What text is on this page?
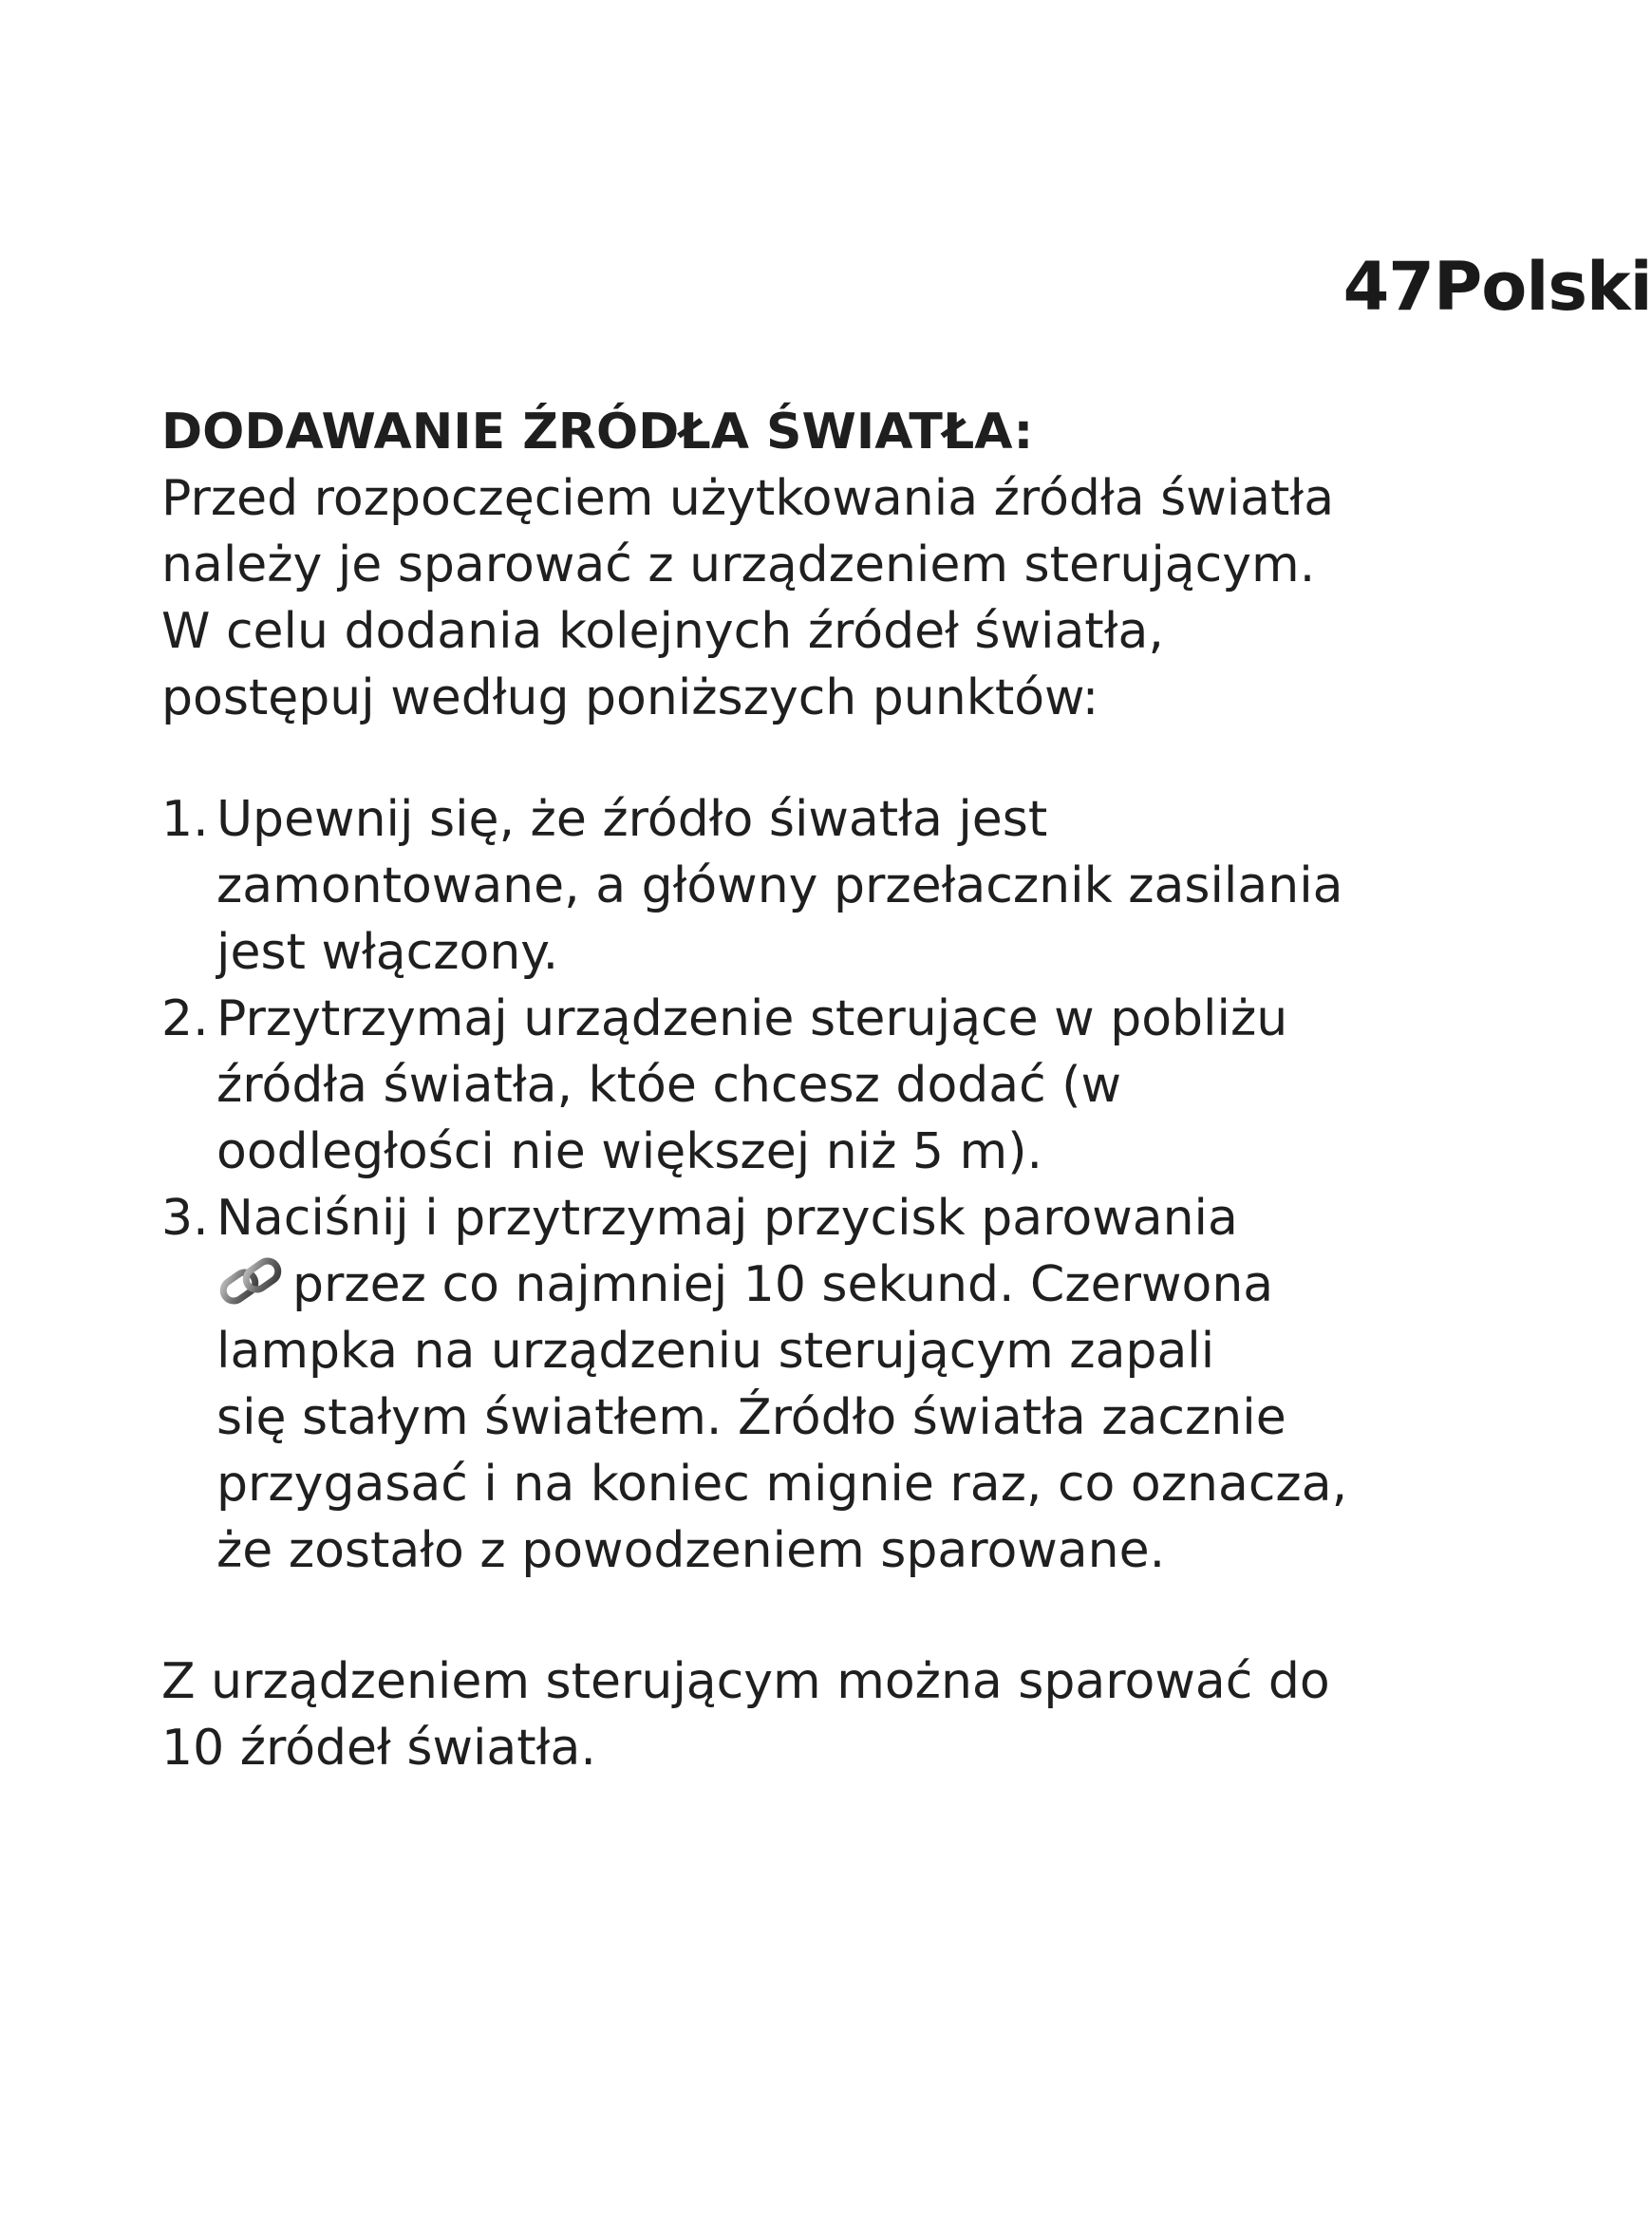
47Polski
DODAWANIE ŹRÓDŁA ŚWIATŁA:
Przed rozpoczęciem użytkowania źródła światła
należy je sparować z urządzeniem sterującym.
W celu dodania kolejnych źródeł światła,
postępuj według poniższych punktów:
1. Upewnij się, że źródło śiwatła jest
zamontowane, a główny przełacznik zasilania
jest włączony.
2. Przytrzymaj urządzenie sterujące w pobliżu
źródła światła, któe chcesz dodać (w
oodległości nie większej niż 5 m).
3. Naciśnij i przytrzymaj przycisk parowania
przez co najmniej 10 sekund. Czerwona
lampka na urządzeniu sterującym zapali
się stałym światłem. Źródło światła zacznie
przygasać i na koniec mignie raz, co oznacza,
że zostało z powodzeniem sparowane.
Z urządzeniem sterującym można sparować do
10 źródeł światła.
